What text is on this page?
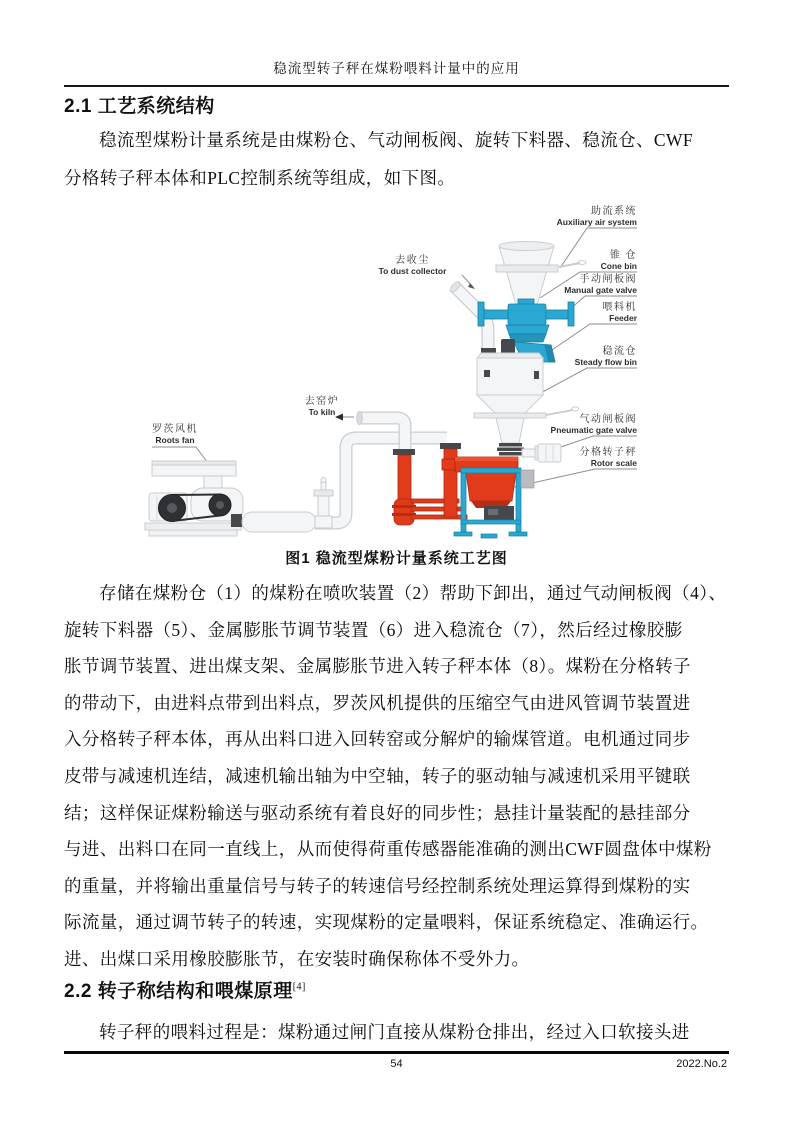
稳流型转子秤在煤粉喂料计量中的应用
2.1 工艺系统结构
稳流型煤粉计量系统是由煤粉仓、气动闸板阀、旋转下料器、稳流仓、CWF
分格转子秤本体和PLC控制系统等组成，如下图。
助流系统
Auxiliary air system
锥 仓
Cone bin
手动闸板阀
Manual gate valve
喂料机
Feeder
稳流仓
Steady flow bin
气动闸板阀
Pneumatic gate valve
分格转子秤
Rotor scale
去收尘
To dust collector
去窑炉
To kiln
罗茨风机
Roots fan
图1 稳流型煤粉计量系统工艺图
存储在煤粉仓（1）的煤粉在喷吹装置（2）帮助下卸出，通过气动闸板阀（4）、
旋转下料器（5）、金属膨胀节调节装置（6）进入稳流仓（7），然后经过橡胶膨
胀节调节装置、进出煤支架、金属膨胀节进入转子秤本体（8）。煤粉在分格转子
的带动下，由进料点带到出料点，罗茨风机提供的压缩空气由进风管调节装置进
入分格转子秤本体，再从出料口进入回转窑或分解炉的输煤管道。电机通过同步
皮带与减速机连结，减速机输出轴为中空轴，转子的驱动轴与减速机采用平键联
结；这样保证煤粉输送与驱动系统有着良好的同步性；悬挂计量装配的悬挂部分
与进、出料口在同一直线上，从而使得荷重传感器能准确的测出CWF圆盘体中煤粉
的重量，并将输出重量信号与转子的转速信号经控制系统处理运算得到煤粉的实
际流量，通过调节转子的转速，实现煤粉的定量喂料，保证系统稳定、准确运行。
进、出煤口采用橡胶膨胀节，在安装时确保称体不受外力。
2.2 转子称结构和喂煤原理[4]
转子秤的喂料过程是：煤粉通过闸门直接从煤粉仓排出，经过入口软接头进
54	2022.No.2
